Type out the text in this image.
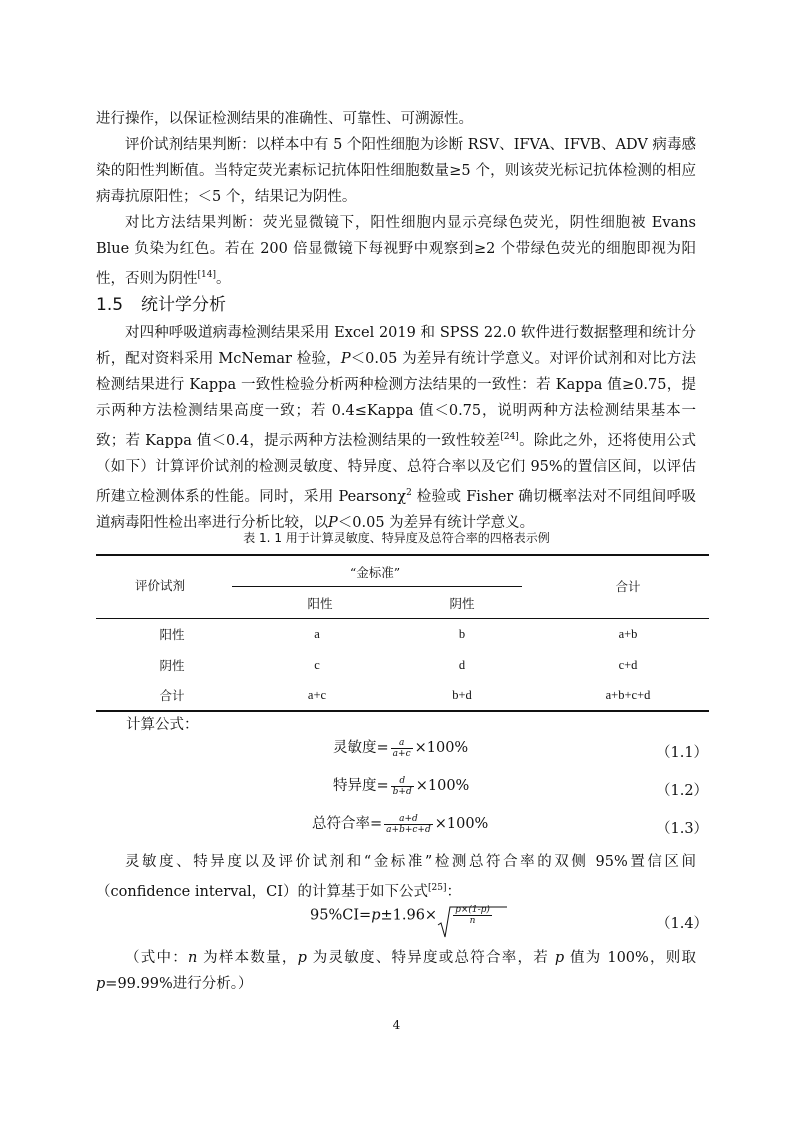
进行操作，以保证检测结果的准确性、可靠性、可溯源性。

评价试剂结果判断：以样本中有 5 个阳性细胞为诊断 RSV、IFVA、IFVB、ADV 病毒感染的阳性判断值。当特定荧光素标记抗体阳性细胞数量≥5 个，则该荧光标记抗体检测的相应病毒抗原阳性；＜5 个，结果记为阴性。

对比方法结果判断：荧光显微镜下，阳性细胞内显示亮绿色荧光，阴性细胞被 Evans Blue 负染为红色。若在 200 倍显微镜下每视野中观察到≥2 个带绿色荧光的细胞即视为阳性，否则为阴性[14]。

1.5 统计学分析

对四种呼吸道病毒检测结果采用 Excel 2019 和 SPSS 22.0 软件进行数据整理和统计分析，配对资料采用 McNemar 检验，P＜0.05 为差异有统计学意义。对评价试剂和对比方法检测结果进行 Kappa 一致性检验分析两种检测方法结果的一致性：若 Kappa 值≥0.75，提示两种方法检测结果高度一致；若 0.4≤Kappa 值＜0.75，说明两种方法检测结果基本一致；若 Kappa 值＜0.4，提示两种方法检测结果的一致性较差[24]。除此之外，还将使用公式（如下）计算评价试剂的检测灵敏度、特异度、总符合率以及它们 95%的置信区间，以评估所建立检测体系的性能。同时，采用 Pearsonχ$^2$ 检验或 Fisher 确切概率法对不同组间呼吸道病毒阳性检出率进行分析比较，以P＜0.05 为差异有统计学意义。

表 1. 1 用于计算灵敏度、特异度及总符合率的四格表示例
评价试剂
“金标准”
阳性	阴性
合计
阳性	a	b	a+b
阴性	c	d	c+d
合计	a+c	b+d	a+b+c+d
计算公式：
灵敏度= $\frac{a}{a+c} \times 100\%$	（1.1）
特异度= $\frac{d}{b+d} \times 100\%$	（1.2）
总符合率= $\frac{a+d}{a+b+c+d} \times 100\%$	（1.3）

灵敏度、特异度以及评价试剂和“金标准”检测总符合率的双侧 95%置信区间（confidence interval，CI）的计算基于如下公式[25]：

$95\%CI=p\pm 1.96\times \frac{p\times(1-p)}{n}$	（1.4）

（式中：n 为样本数量，p 为灵敏度、特异度或总符合率，若 p 值为 100%，则取 p=99.99%进行分析。）

4
